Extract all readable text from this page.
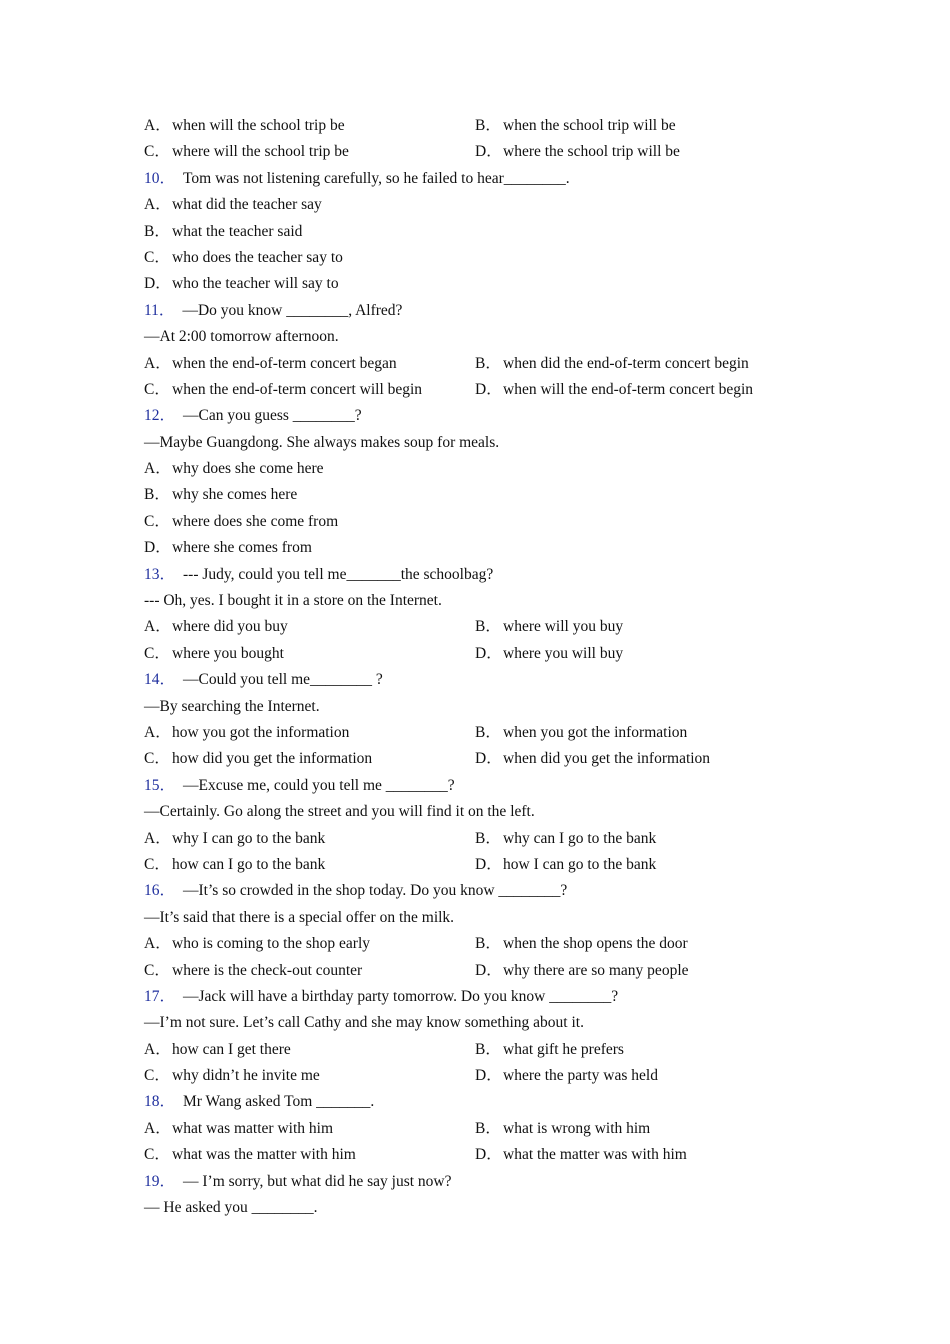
A．when will the school trip be	B． when the school trip will be
C． where will the school trip be	D．where the school trip will be
10． Tom was not listening carefully, so he failed to hear________.
A．what did the teacher say
B． what the teacher said
C． who does the teacher say to
D．who the teacher will say to
11． —Do you know ________, Alfred?
—At 2:00 tomorrow afternoon.
A．when the end-of-term concert began	B． when did the end-of-term concert begin
C． when the end-of-term concert will begin	D．when will the end-of-term concert begin
12． —Can you guess ________?
—Maybe Guangdong. She always makes soup for meals.
A．why does she come here
B． why she comes here
C． where does she come from
D．where she comes from
13． --- Judy, could you tell me_______the schoolbag?
--- Oh, yes. I bought it in a store on the Internet.
A．where did you buy	B． where will you buy
C． where you bought	D．where you will buy
14． —Could you tell me________ ?
—By searching the Internet.
A．how you got the information	B． when you got the information
C． how did you get the information	D．when did you get the information
15． —Excuse me, could you tell me ________?
—Certainly. Go along the street and you will find it on the left.
A．why I can go to the bank	B． why can I go to the bank
C． how can I go to the bank	D．how I can go to the bank
16． —It’s so crowded in the shop today. Do you know ________?
—It’s said that there is a special offer on the milk.
A．who is coming to the shop early	B． when the shop opens the door
C． where is the check-out counter	D．why there are so many people
17． —Jack will have a birthday party tomorrow. Do you know ________?
—I’m not sure. Let’s call Cathy and she may know something about it.
A．how can I get there	B． what gift he prefers
C． why didn’t he invite me	D．where the party was held
18． Mr Wang asked Tom _______.
A．what was matter with him	B． what is wrong with him
C． what was the matter with him	D．what the matter was with him
19． — I’m sorry, but what did he say just now?
— He asked you ________.
